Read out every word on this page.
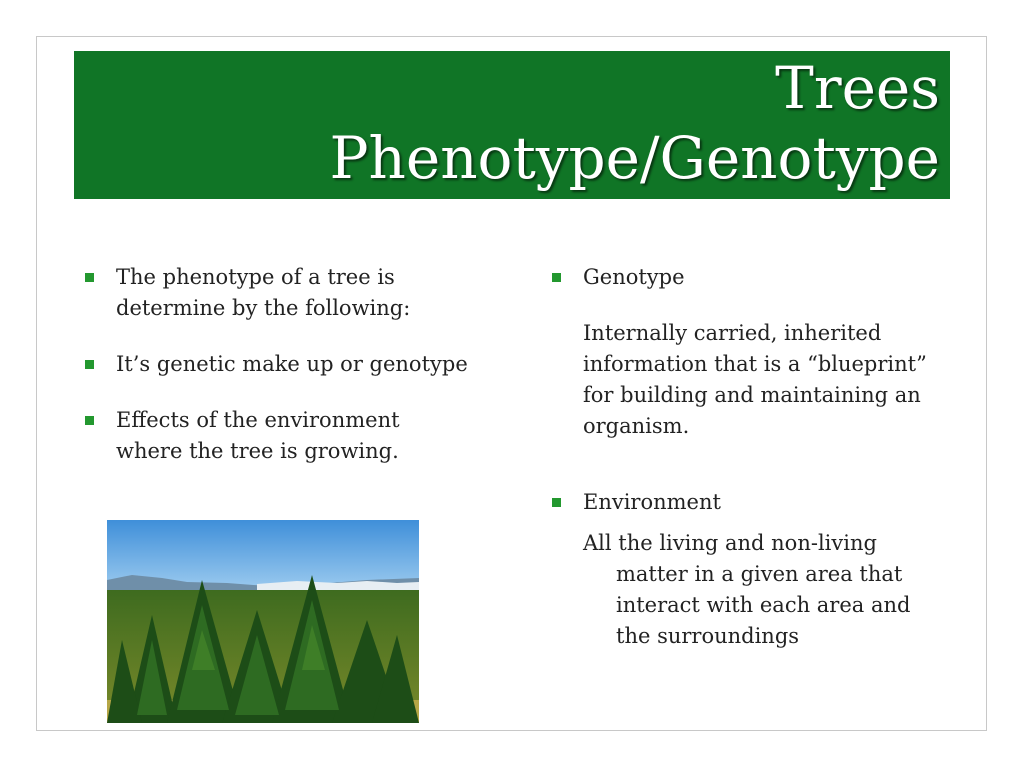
Trees
Phenotype/Genotype
The phenotype of a tree is determine by the following:
It’s genetic make up or genotype
Effects of the environment where the tree is growing.
Genotype
Internally carried, inherited information that is a “blueprint” for building and maintaining an organism.
Environment
All the living and non-living matter in a given area that interact with each area and the surroundings
